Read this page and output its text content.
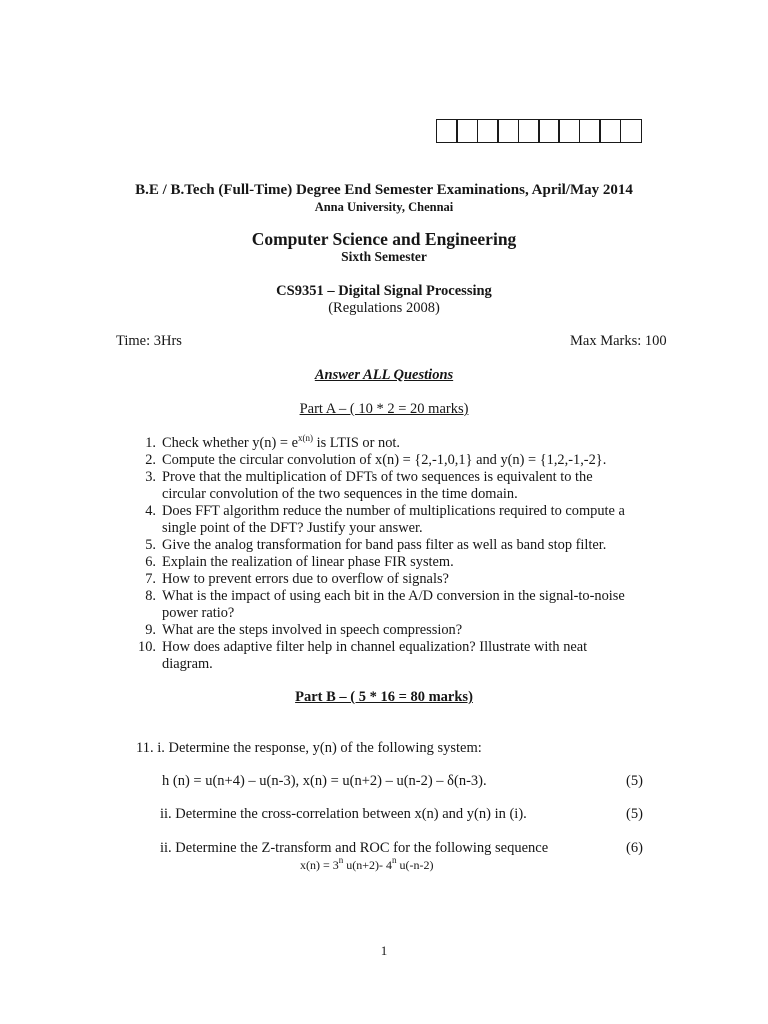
B.E / B.Tech (Full-Time) Degree End Semester Examinations, April/May 2014
Anna University, Chennai
Computer Science and Engineering
Sixth Semester
CS9351 – Digital Signal Processing
(Regulations 2008)
Time: 3Hrs	Max Marks: 100
Answer ALL Questions
Part A – ( 10 * 2 = 20 marks)
1. Check whether $y(n) = e^{x(n)}$ is LTIS or not.
2. Compute the circular convolution of x(n) = {2,-1,0,1} and y(n) = {1,2,-1,-2}.
3. Prove that the multiplication of DFTs of two sequences is equivalent to the
circular convolution of the two sequences in the time domain.
4. Does FFT algorithm reduce the number of multiplications required to compute a
single point of the DFT? Justify your answer.
5. Give the analog transformation for band pass filter as well as band stop filter.
6. Explain the realization of linear phase FIR system.
7. How to prevent errors due to overflow of signals?
8. What is the impact of using each bit in the A/D conversion in the signal-to-noise
power ratio?
9. What are the steps involved in speech compression?
10. How does adaptive filter help in channel equalization? Illustrate with neat
diagram.
Part B – ( 5 * 16 = 80 marks)
11. i. Determine the response, y(n) of the following system:
h (n) = u(n+4) – u(n-3), x(n) = u(n+2) – u(n-2) – δ(n-3).	(5)
ii. Determine the cross-correlation between x(n) and y(n) in (i).	(5)
ii. Determine the Z-transform and ROC for the following sequence	(6)
$x(n) = 3^n$ u(n+2)- 4$^n$ u(-n-2)
1
